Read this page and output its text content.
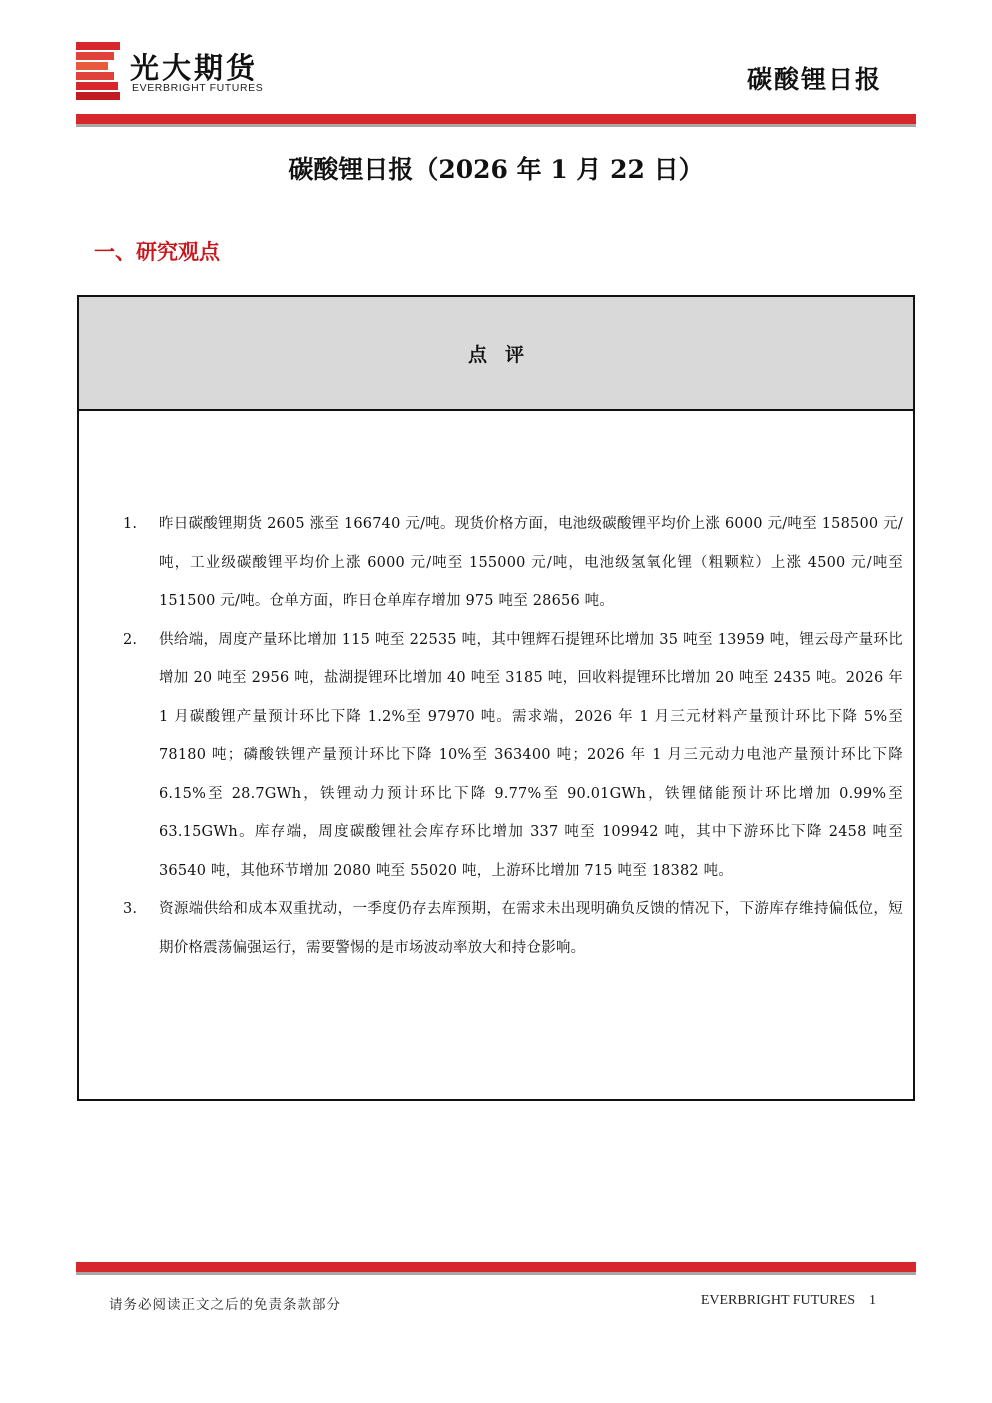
光大期货
EVERBRIGHT FUTURES	碳酸锂日报
碳酸锂日报（2026 年 1 月 22 日）
一、研究观点
点评
1. 昨日碳酸锂期货 2605 涨至 166740 元/吨。现货价格方面，电池级碳酸锂平均价上涨 6000 元/吨至 158500 元/吨，工业级碳酸锂平均价上涨 6000 元/吨至 155000 元/吨，电池级氢氧化锂（粗颗粒）上涨 4500 元/吨至 151500 元/吨。仓单方面，昨日仓单库存增加 975 吨至 28656 吨。
2. 供给端，周度产量环比增加 115 吨至 22535 吨，其中锂辉石提锂环比增加 35 吨至 13959 吨，锂云母产量环比增加 20 吨至 2956 吨，盐湖提锂环比增加 40 吨至 3185 吨，回收料提锂环比增加 20 吨至 2435 吨。2026 年 1 月碳酸锂产量预计环比下降 1.2%至 97970 吨。需求端，2026 年 1 月三元材料产量预计环比下降 5%至 78180 吨；磷酸铁锂产量预计环比下降 10%至 363400 吨；2026 年 1 月三元动力电池产量预计环比下降 6.15%至 28.7GWh，铁锂动力预计环比下降 9.77%至 90.01GWh，铁锂储能预计环比增加 0.99%至 63.15GWh。库存端，周度碳酸锂社会库存环比增加 337 吨至 109942 吨，其中下游环比下降 2458 吨至 36540 吨，其他环节增加 2080 吨至 55020 吨，上游环比增加 715 吨至 18382 吨。
3. 资源端供给和成本双重扰动，一季度仍存去库预期，在需求未出现明确负反馈的情况下，下游库存维持偏低位，短期价格震荡偏强运行，需要警惕的是市场波动率放大和持仓影响。
请务必阅读正文之后的免责条款部分	EVERBRIGHT FUTURES 1
